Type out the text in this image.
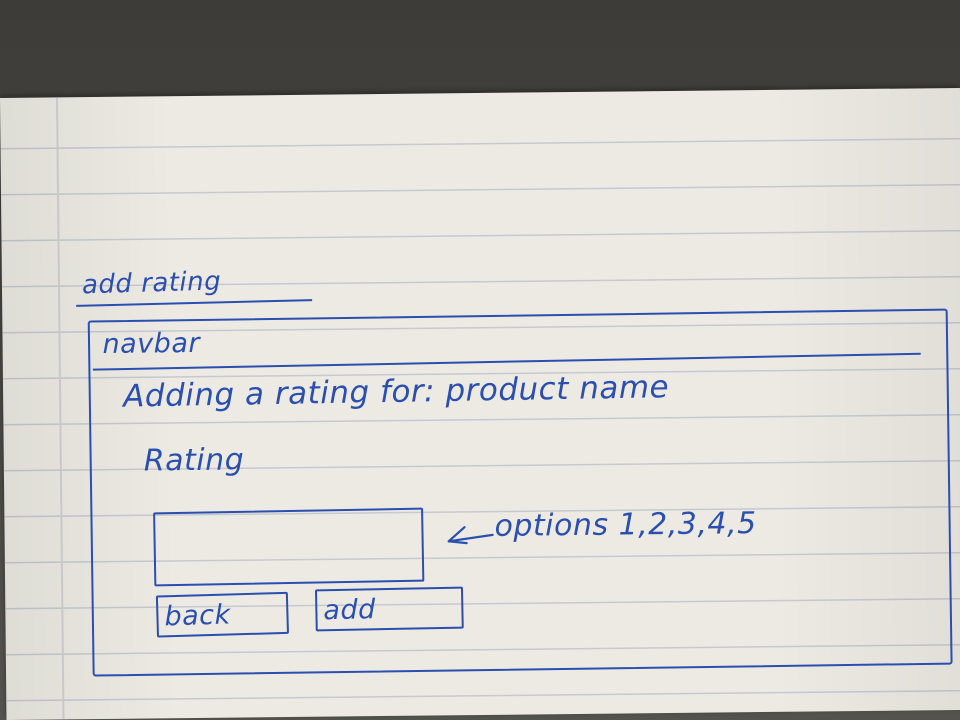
add rating
navbar
Adding a rating for: product name
Rating
options 1,2,3,4,5
back	add
